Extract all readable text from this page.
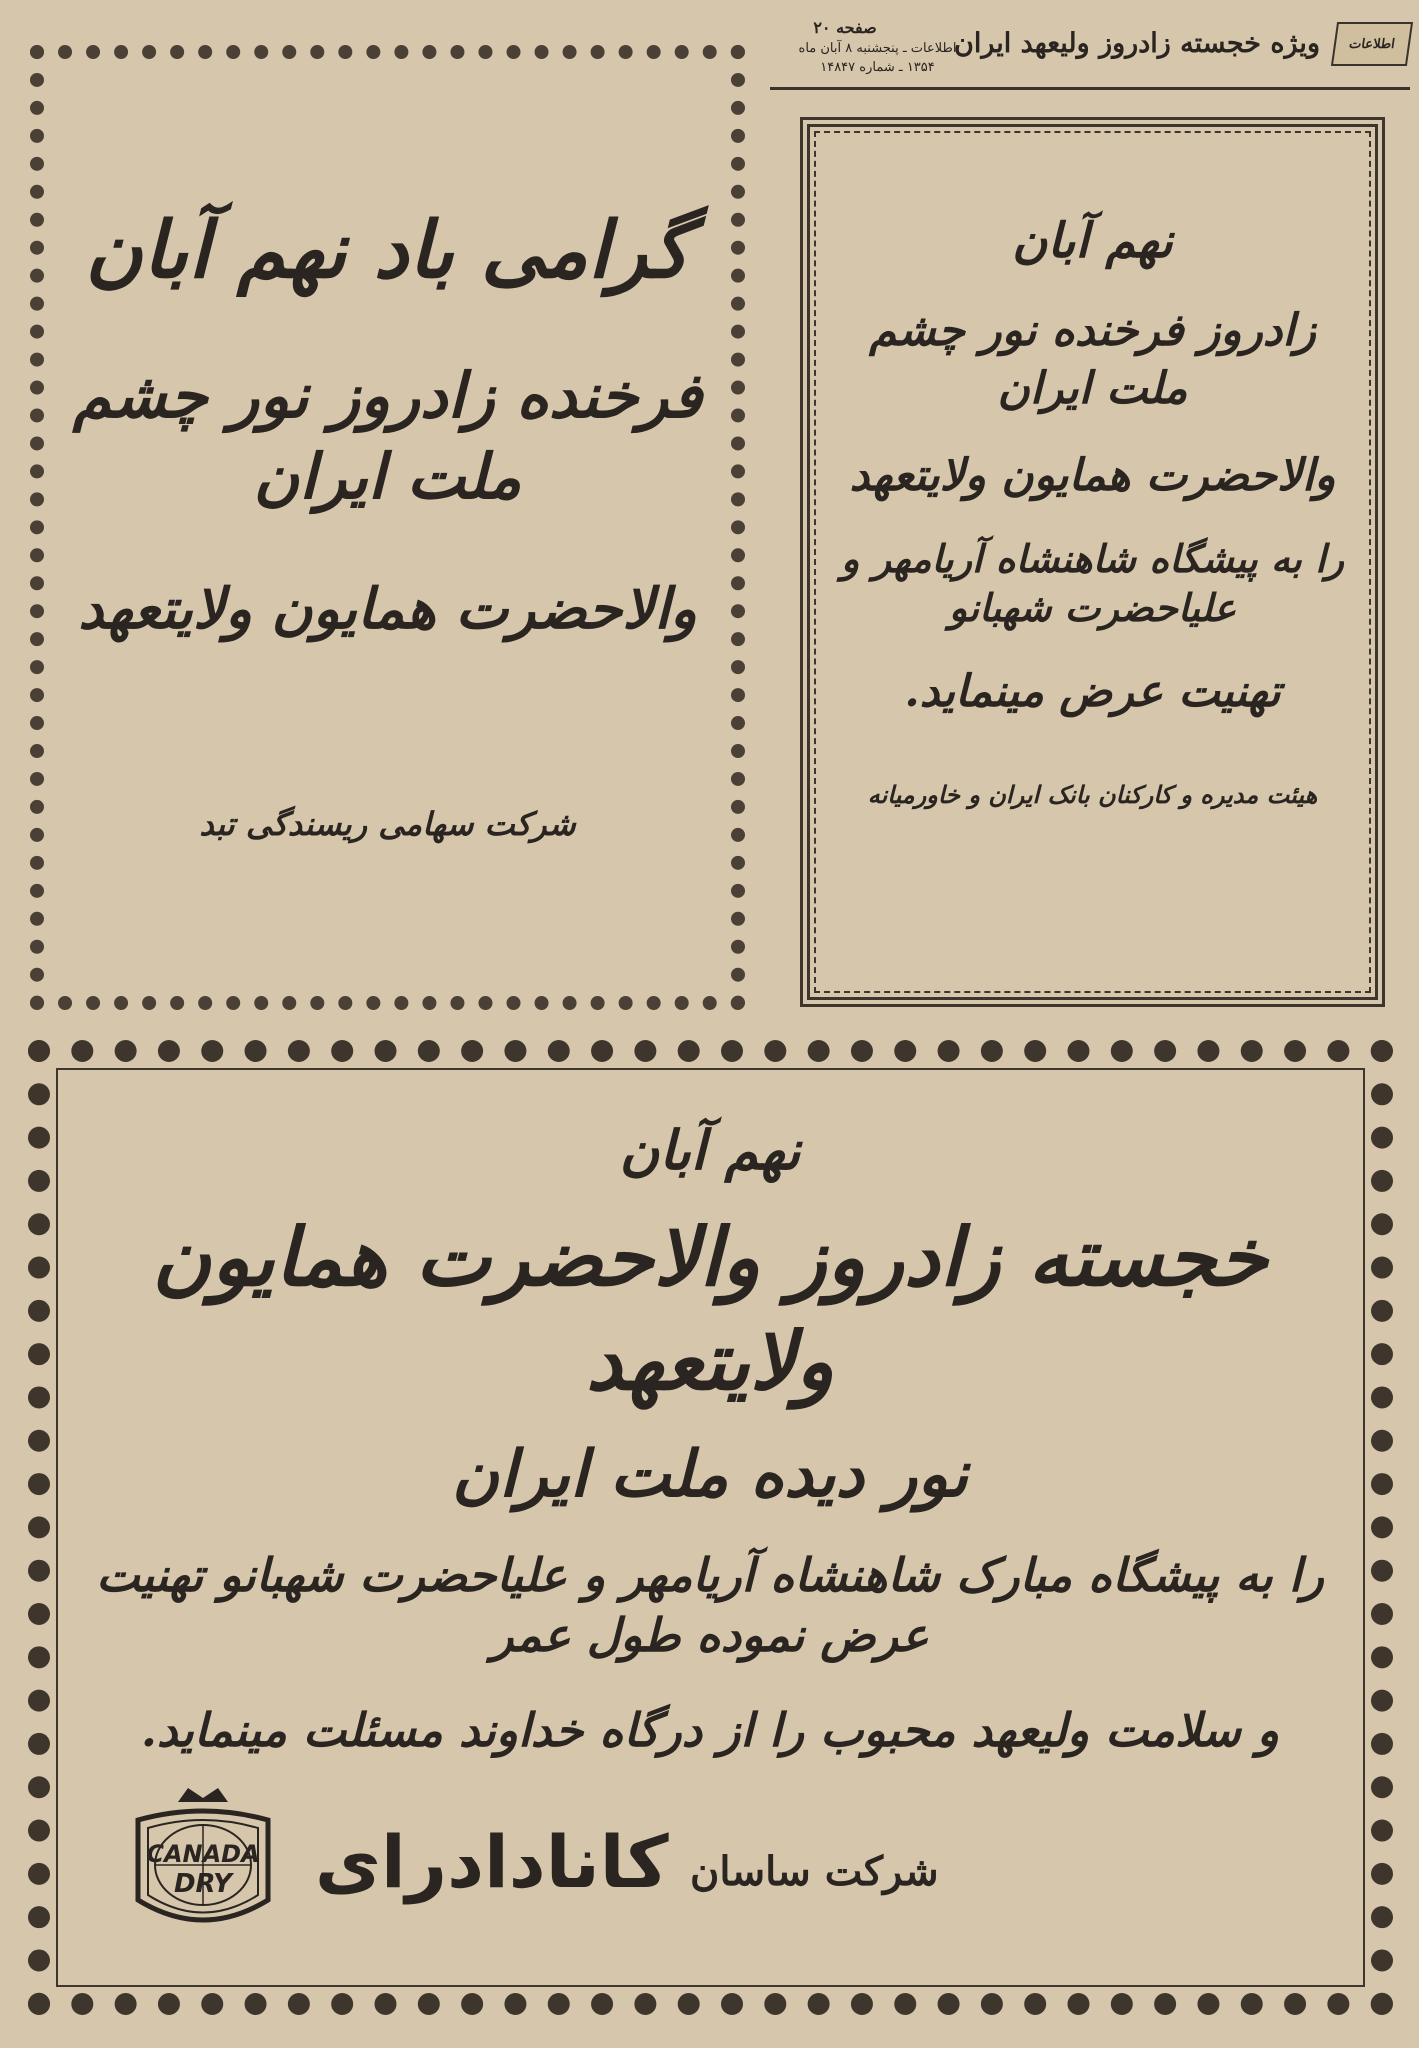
اطلاعات
ویژه خجسته زادروز ولیعهد ایران
صفحه ۲۰
اطلاعات ـ پنجشنبه ۸ آبان ماه
۱۳۵۴ ـ شماره ۱۴۸۴۷
گرامی باد نهم آبان
فرخنده زادروز نور چشم ملت ایران
والاحضرت همایون ولایتعهد
شرکت سهامی ریسندگی تبد
نهم آبان
زادروز فرخنده نور چشم ملت ایران
والاحضرت همایون ولایتعهد
را به پیشگاه شاهنشاه آریامهر و علیاحضرت شهبانو
تهنیت عرض مینماید.
هیئت مدیره و کارکنان بانک ایران و خاورمیانه
نهم آبان
خجسته زادروز والاحضرت همایون ولایتعهد
نور دیده ملت ایران
را به پیشگاه مبارک شاهنشاه آریامهر و علیاحضرت شهبانو تهنیت عرض نموده طول عمر
و سلامت ولیعهد محبوب را از درگاه خداوند مسئلت مینماید.
CANADA
DRY	شرکت ساسان
کانادادرای
